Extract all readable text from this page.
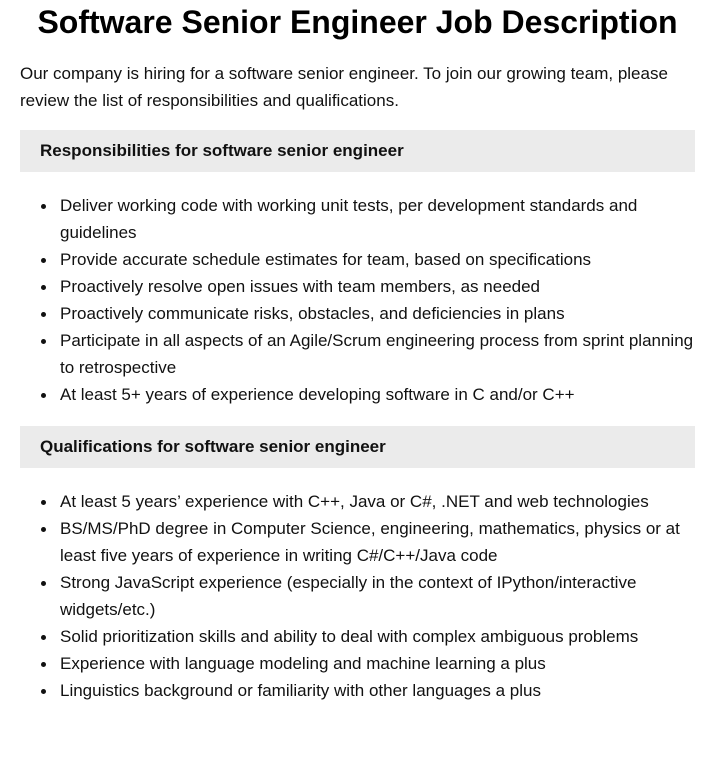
Software Senior Engineer Job Description

Our company is hiring for a software senior engineer. To join our growing team, please review the list of responsibilities and qualifications.

Responsibilities for software senior engineer
Deliver working code with working unit tests, per development standards and guidelines
Provide accurate schedule estimates for team, based on specifications
Proactively resolve open issues with team members, as needed
Proactively communicate risks, obstacles, and deficiencies in plans
Participate in all aspects of an Agile/Scrum engineering process from sprint planning to retrospective
At least 5+ years of experience developing software in C and/or C++
Qualifications for software senior engineer
At least 5 years’ experience with C++, Java or C#, .NET and web technologies
BS/MS/PhD degree in Computer Science, engineering, mathematics, physics or at least five years of experience in writing C#/C++/Java code
Strong JavaScript experience (especially in the context of IPython/interactive widgets/etc.)
Solid prioritization skills and ability to deal with complex ambiguous problems
Experience with language modeling and machine learning a plus
Linguistics background or familiarity with other languages a plus
